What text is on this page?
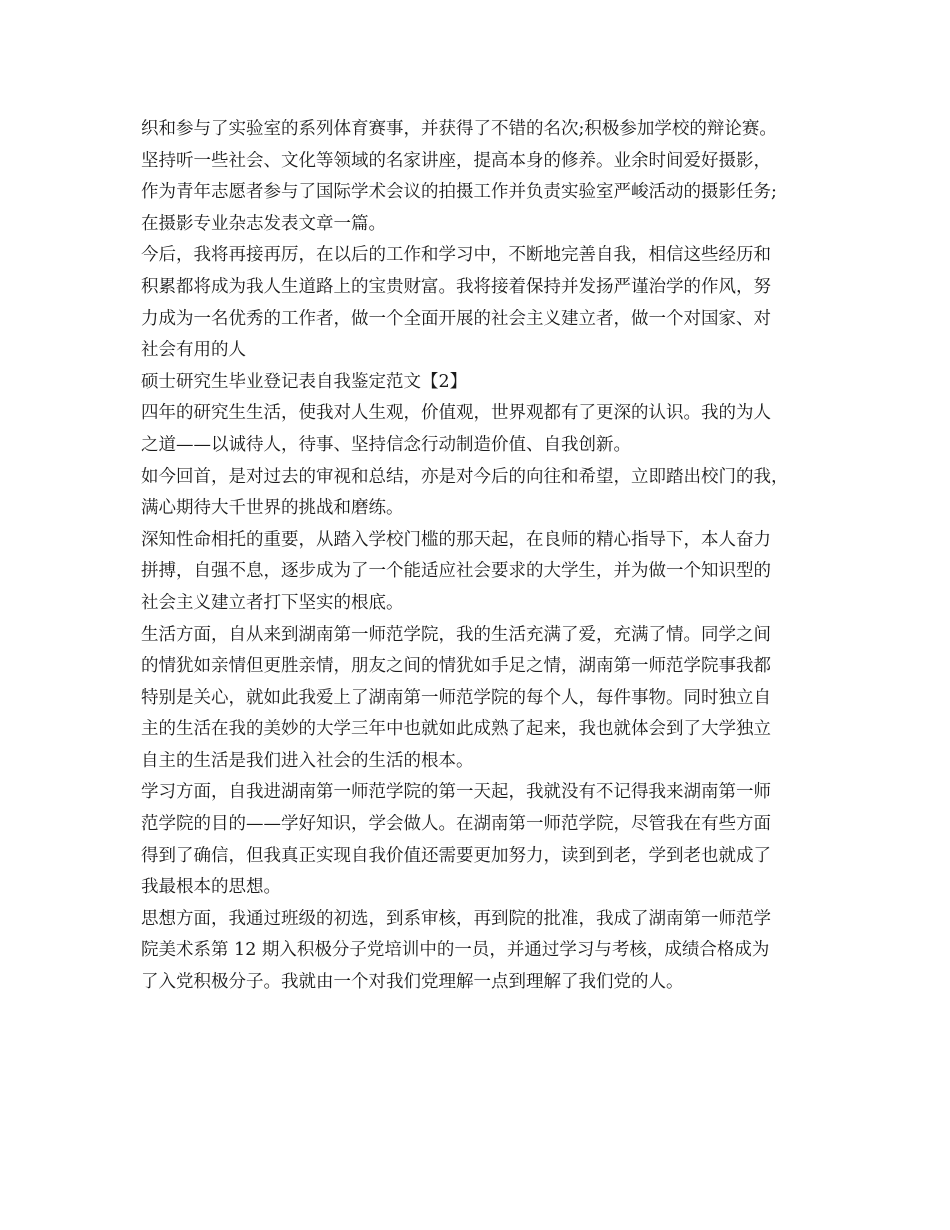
织和参与了实验室的系列体育赛事，并获得了不错的名次;积极参加学校的辩论赛。
坚持听一些社会、文化等领域的名家讲座，提高本身的修养。业余时间爱好摄影，
作为青年志愿者参与了国际学术会议的拍摄工作并负责实验室严峻活动的摄影任务;
在摄影专业杂志发表文章一篇。
今后，我将再接再厉，在以后的工作和学习中，不断地完善自我，相信这些经历和
积累都将成为我人生道路上的宝贵财富。我将接着保持并发扬严谨治学的作风，努
力成为一名优秀的工作者，做一个全面开展的社会主义建立者，做一个对国家、对
社会有用的人
硕士研究生毕业登记表自我鉴定范文【2】
四年的研究生生活，使我对人生观，价值观，世界观都有了更深的认识。我的为人
之道——以诚待人，待事、坚持信念行动制造价值、自我创新。
如今回首，是对过去的审视和总结，亦是对今后的向往和希望，立即踏出校门的我，
满心期待大千世界的挑战和磨练。
深知性命相托的重要，从踏入学校门槛的那天起，在良师的精心指导下，本人奋力
拼搏，自强不息，逐步成为了一个能适应社会要求的大学生，并为做一个知识型的
社会主义建立者打下坚实的根底。
生活方面，自从来到湖南第一师范学院，我的生活充满了爱，充满了情。同学之间
的情犹如亲情但更胜亲情，朋友之间的情犹如手足之情，湖南第一师范学院事我都
特别是关心，就如此我爱上了湖南第一师范学院的每个人，每件事物。同时独立自
主的生活在我的美妙的大学三年中也就如此成熟了起来，我也就体会到了大学独立
自主的生活是我们进入社会的生活的根本。
学习方面，自我进湖南第一师范学院的第一天起，我就没有不记得我来湖南第一师
范学院的目的——学好知识，学会做人。在湖南第一师范学院，尽管我在有些方面
得到了确信，但我真正实现自我价值还需要更加努力，读到到老，学到老也就成了
我最根本的思想。
思想方面，我通过班级的初选，到系审核，再到院的批准，我成了湖南第一师范学
院美术系第 12 期入积极分子党培训中的一员，并通过学习与考核，成绩合格成为
了入党积极分子。我就由一个对我们党理解一点到理解了我们党的人。
